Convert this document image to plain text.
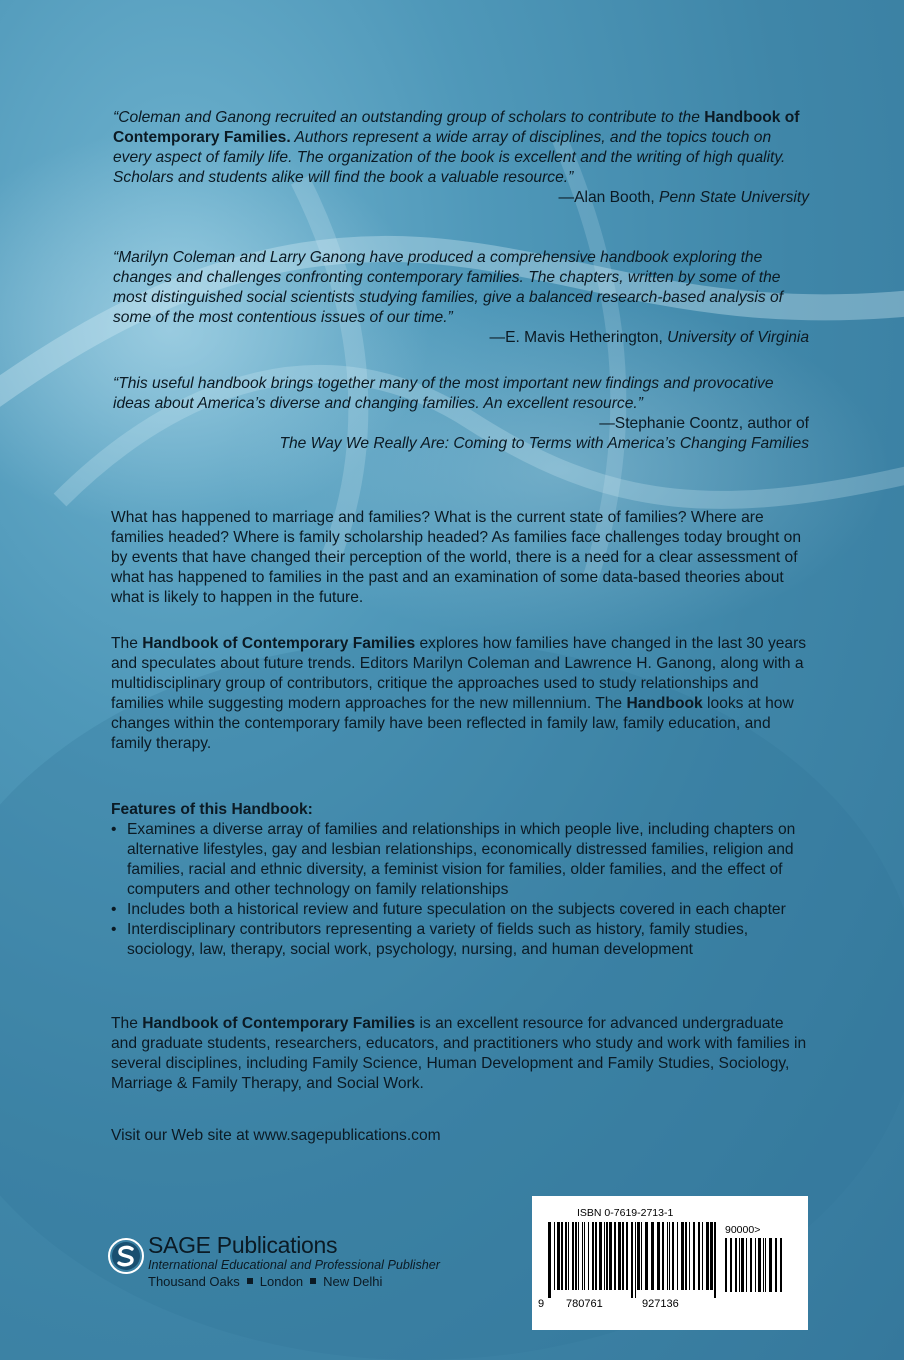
“Coleman and Ganong recruited an outstanding group of scholars to contribute to the Handbook of Contemporary Families. Authors represent a wide array of disciplines, and the topics touch on every aspect of family life. The organization of the book is excellent and the writing of high quality. Scholars and students alike will find the book a valuable resource.”
—Alan Booth, Penn State University
“Marilyn Coleman and Larry Ganong have produced a comprehensive handbook exploring the changes and challenges confronting contemporary families. The chapters, written by some of the most distinguished social scientists studying families, give a balanced research-based analysis of some of the most contentious issues of our time.”
—E. Mavis Hetherington, University of Virginia
“This useful handbook brings together many of the most important new findings and provocative ideas about America’s diverse and changing families. An excellent resource.”
—Stephanie Coontz, author of
The Way We Really Are: Coming to Terms with America’s Changing Families
What has happened to marriage and families? What is the current state of families? Where are families headed? Where is family scholarship headed? As families face challenges today brought on by events that have changed their perception of the world, there is a need for a clear assessment of what has happened to families in the past and an examination of some data-based theories about what is likely to happen in the future.
The Handbook of Contemporary Families explores how families have changed in the last 30 years and speculates about future trends. Editors Marilyn Coleman and Lawrence H. Ganong, along with a multidisciplinary group of contributors, critique the approaches used to study relationships and families while suggesting modern approaches for the new millennium. The Handbook looks at how changes within the contemporary family have been reflected in family law, family education, and family therapy.
Features of this Handbook:
• Examines a diverse array of families and relationships in which people live, including chapters on alternative lifestyles, gay and lesbian relationships, economically distressed families, religion and families, racial and ethnic diversity, a feminist vision for families, older families, and the effect of computers and other technology on family relationships
• Includes both a historical review and future speculation on the subjects covered in each chapter
• Interdisciplinary contributors representing a variety of fields such as history, family studies, sociology, law, therapy, social work, psychology, nursing, and human development
The Handbook of Contemporary Families is an excellent resource for advanced undergraduate and graduate students, researchers, educators, and practitioners who study and work with families in several disciplines, including Family Science, Human Development and Family Studies, Sociology, Marriage & Family Therapy, and Social Work.
Visit our Web site at www.sagepublications.com
SAGE Publications
International Educational and Professional Publisher
Thousand Oaks London New Delhi
ISBN 0-7619-2713-1
90000>
9 780761	927136
